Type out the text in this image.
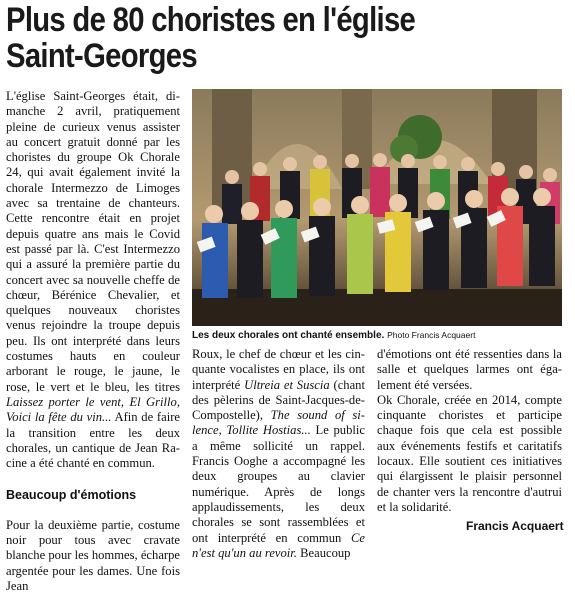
Plus de 80 choristes en l'église
Saint-Georges

L'église Saint-Georges était, dimanche 2 avril, pratiquement pleine de curieux venus assister au concert gratuit donné par les choristes du groupe Ok Chorale 24, qui avait également invité la chorale Intermezzo de Limoges avec sa trentaine de chanteurs. Cette rencontre était en projet depuis quatre ans mais le Covid est passé par là. C'est Intermezzo qui a assuré la première partie du concert avec sa nouvelle cheffe de chœur, Bérénice Chevalier, et quelques nouveaux choristes venus rejoindre la troupe depuis peu. Ils ont interprété dans leurs costumes hauts en couleur arborant le rouge, le jaune, le rose, le vert et le bleu, les titres Laissez porter le vent, El Grillo, Voici la fête du vin... Afin de faire la transition entre les deux chorales, un cantique de Jean Racine a été chanté en commun.

Beaucoup d'émotions

Pour la deuxième partie, costume noir pour tous avec cravate blanche pour les hommes, écharpe argentée pour les dames. Une fois Jean

Les deux chorales ont chanté ensemble. Photo Francis Acquaert

Roux, le chef de chœur et les cinquante vocalistes en place, ils ont interprété Ultreia et Suscia (chant des pèlerins de Saint-Jacques-de-Compostelle), The sound of silence, Tollite Hostias... Le public a même sollicité un rappel. Francis Ooghe a accompagné les deux groupes au clavier numérique. Après de longs applaudissements, les deux chorales se sont rassemblées et ont interprété en commun Ce n'est qu'un au revoir. Beaucoup

d'émotions ont été ressenties dans la salle et quelques larmes ont également été versées.

Ok Chorale, créée en 2014, compte cinquante choristes et participe chaque fois que cela est possible aux événements festifs et caritatifs locaux. Elle soutient ces initiatives qui élargissent le plaisir personnel de chanter vers la rencontre d'autrui et la solidarité.

Francis Acquaert
